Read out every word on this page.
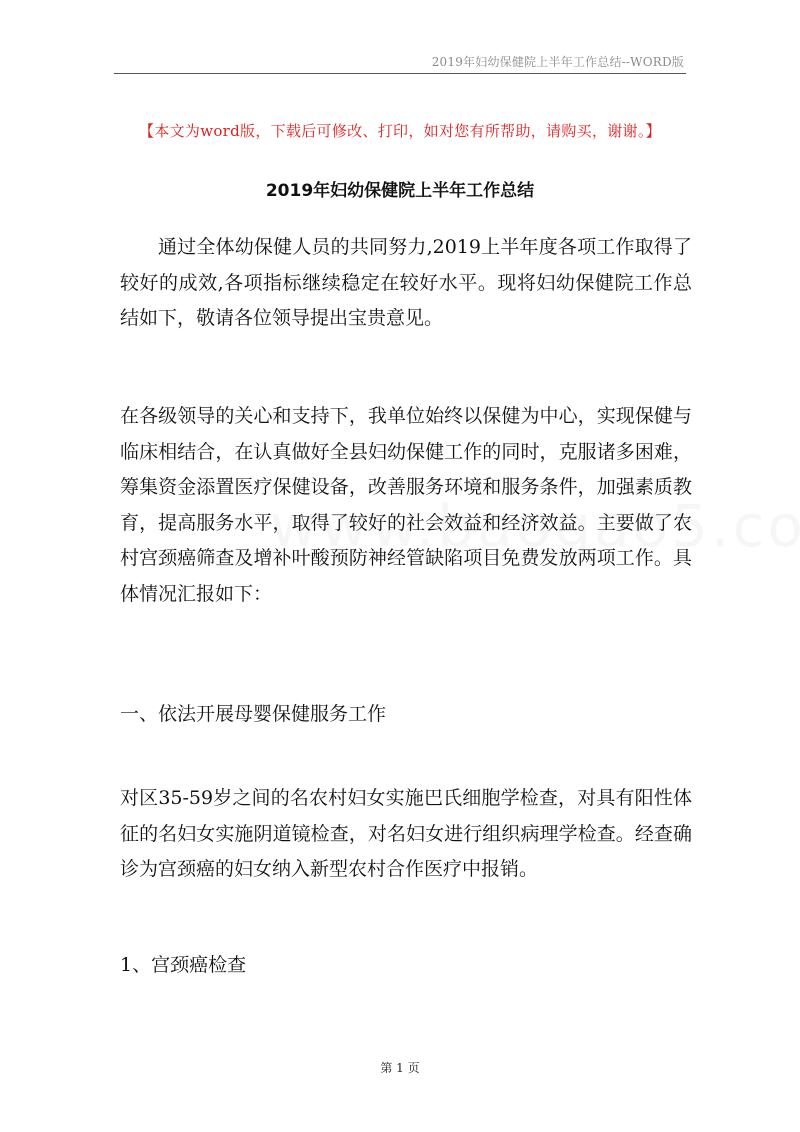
2019年妇幼保健院上半年工作总结--WORD版
【本文为word版，下载后可修改、打印，如对您有所帮助，请购买，谢谢。】
2019年妇幼保健院上半年工作总结
通过全体幼保健人员的共同努力,2019上半年度各项工作取得了较好的成效,各项指标继续稳定在较好水平。现将妇幼保健院工作总结如下，敬请各位领导提出宝贵意见。
在各级领导的关心和支持下，我单位始终以保健为中心，实现保健与临床相结合，在认真做好全县妇幼保健工作的同时，克服诸多困难，筹集资金添置医疗保健设备，改善服务环境和服务条件，加强素质教育，提高服务水平，取得了较好的社会效益和经济效益。主要做了农村宫颈癌筛查及增补叶酸预防神经管缺陷项目免费发放两项工作。具体情况汇报如下：
一、依法开展母婴保健服务工作
对区35-59岁之间的名农村妇女实施巴氏细胞学检查，对具有阳性体征的名妇女实施阴道镜检查，对名妇女进行组织病理学检查。经查确诊为宫颈癌的妇女纳入新型农村合作医疗中报销。
1、宫颈癌检查
第 1 页
